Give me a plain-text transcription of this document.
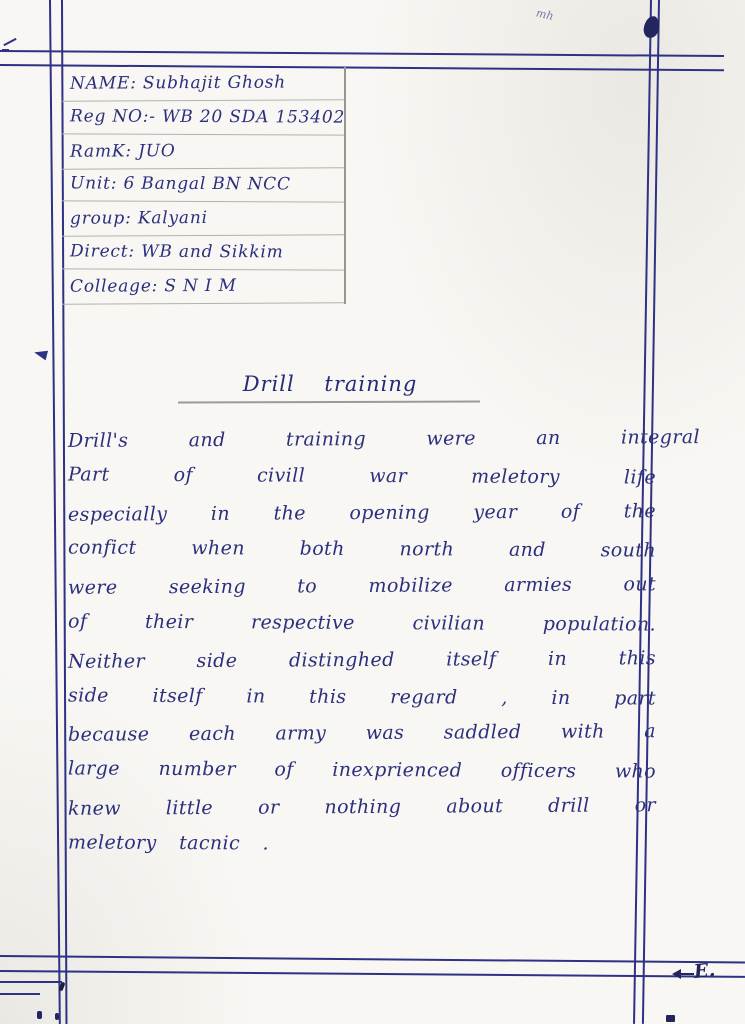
NAME: Subhajit Ghosh
Reg NO:- WB 20 SDA 153402
RamK: JUO
Unit: 6 Bangal BN NCC
group: Kalyani
Direct: WB and Sikkim
Colleage: S N I M
Drill training
Drill's and training were an integral
Part of civill war meletory life
especially in the opening year of the
confict when both north and south
were seeking to mobilize armies out
of their respective civilian population.
Neither side distinghed itself in this
side itself in this regard , in part
because each army was saddled with a
large number of inexprienced officers who
knew little or nothing about drill or
meletory tacnic .
mh
E.
